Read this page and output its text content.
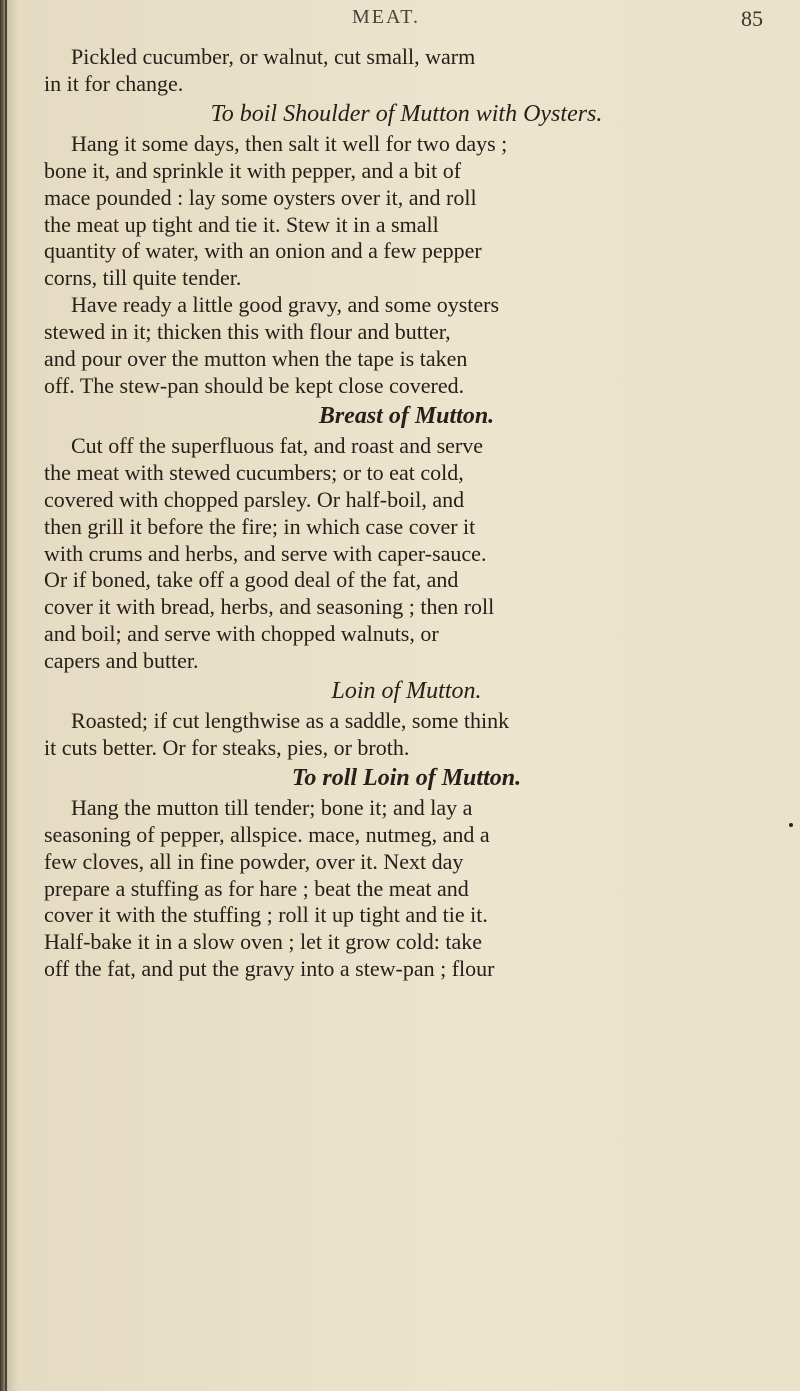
MEAT.	85

Pickled cucumber, or walnut, cut small, warm
in it for change.

To boil Shoulder of Mutton with Oysters.

Hang it some days, then salt it well for two days ;
bone it, and sprinkle it with pepper, and a bit of
mace pounded : lay some oysters over it, and roll
the meat up tight and tie it. Stew it in a small
quantity of water, with an onion and a few pepper
corns, till quite tender.

Have ready a little good gravy, and some oysters
stewed in it; thicken this with flour and butter,
and pour over the mutton when the tape is taken
off. The stew-pan should be kept close covered.

Breast of Mutton.

Cut off the superfluous fat, and roast and serve
the meat with stewed cucumbers; or to eat cold,
covered with chopped parsley. Or half-boil, and
then grill it before the fire; in which case cover it
with crums and herbs, and serve with caper-sauce.
Or if boned, take off a good deal of the fat, and
cover it with bread, herbs, and seasoning ; then roll
and boil; and serve with chopped walnuts, or
capers and butter.

Loin of Mutton.

Roasted; if cut lengthwise as a saddle, some think
it cuts better. Or for steaks, pies, or broth.

To roll Loin of Mutton.

Hang the mutton till tender; bone it; and lay a
seasoning of pepper, allspice. mace, nutmeg, and a
few cloves, all in fine powder, over it. Next day
prepare a stuffing as for hare ; beat the meat and
cover it with the stuffing ; roll it up tight and tie it.
Half-bake it in a slow oven ; let it grow cold: take
off the fat, and put the gravy into a stew-pan ; flour
